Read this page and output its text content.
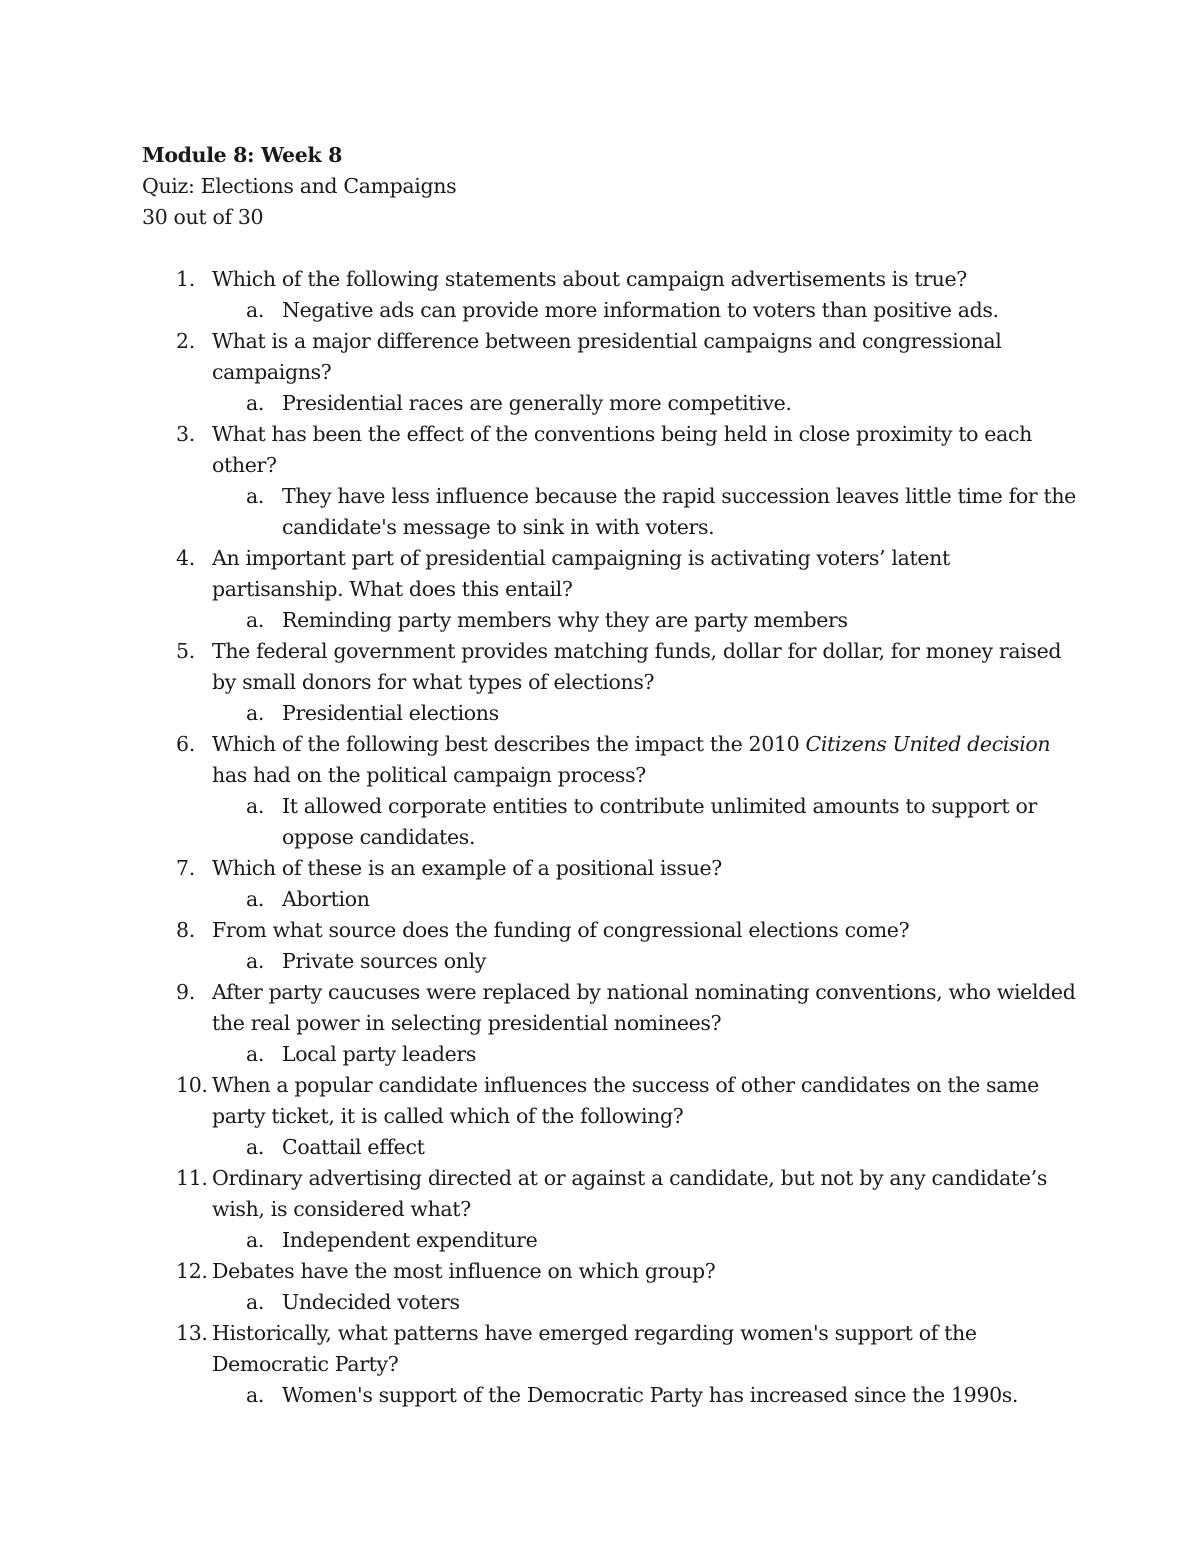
Module 8: Week 8

Quiz: Elections and Campaigns

30 out of 30

1. Which of the following statements about campaign advertisements is true?
a. Negative ads can provide more information to voters than positive ads.
2. What is a major difference between presidential campaigns and congressional campaigns?
a. Presidential races are generally more competitive.
3. What has been the effect of the conventions being held in close proximity to each other?
a. They have less influence because the rapid succession leaves little time for the candidate's message to sink in with voters.
4. An important part of presidential campaigning is activating voters’ latent partisanship. What does this entail?
a. Reminding party members why they are party members
5. The federal government provides matching funds, dollar for dollar, for money raised by small donors for what types of elections?
a. Presidential elections
6. Which of the following best describes the impact the 2010 Citizens United decision has had on the political campaign process?
a. It allowed corporate entities to contribute unlimited amounts to support or oppose candidates.
7. Which of these is an example of a positional issue?
a. Abortion
8. From what source does the funding of congressional elections come?
a. Private sources only
9. After party caucuses were replaced by national nominating conventions, who wielded the real power in selecting presidential nominees?
a. Local party leaders
10. When a popular candidate influences the success of other candidates on the same party ticket, it is called which of the following?
a. Coattail effect
11. Ordinary advertising directed at or against a candidate, but not by any candidate’s wish, is considered what?
a. Independent expenditure
12. Debates have the most influence on which group?
a. Undecided voters
13. Historically, what patterns have emerged regarding women's support of the Democratic Party?
a. Women's support of the Democratic Party has increased since the 1990s.
